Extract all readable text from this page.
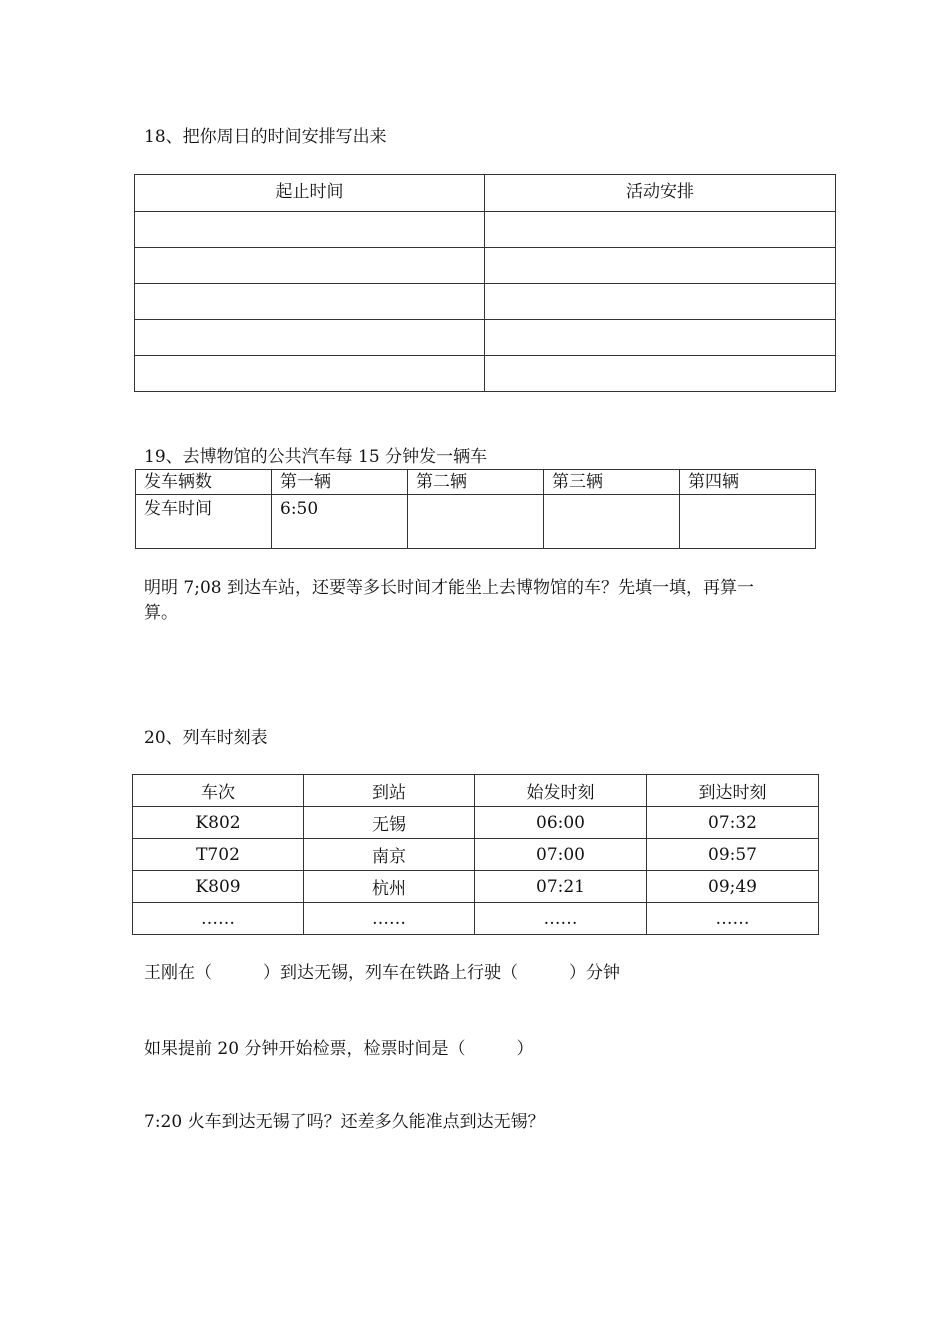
18、把你周日的时间安排写出来
起止时间	活动安排

19、去博物馆的公共汽车每 15 分钟发一辆车
发车辆数	第一辆	第二辆	第三辆	第四辆
发车时间	6:50			
明明 7;08 到达车站，还要等多长时间才能坐上去博物馆的车？先填一填，再算一
算。
20、列车时刻表
车次	到站	始发时刻	到达时刻
K802	无锡	06:00	07:32
T702	南京	07:00	09:57
K809	杭州	07:21	09;49
……	……	……	……
王刚在（　　　）到达无锡，列车在铁路上行驶（　　　）分钟
如果提前 20 分钟开始检票，检票时间是（　　　）
7:20 火车到达无锡了吗？还差多久能准点到达无锡？
